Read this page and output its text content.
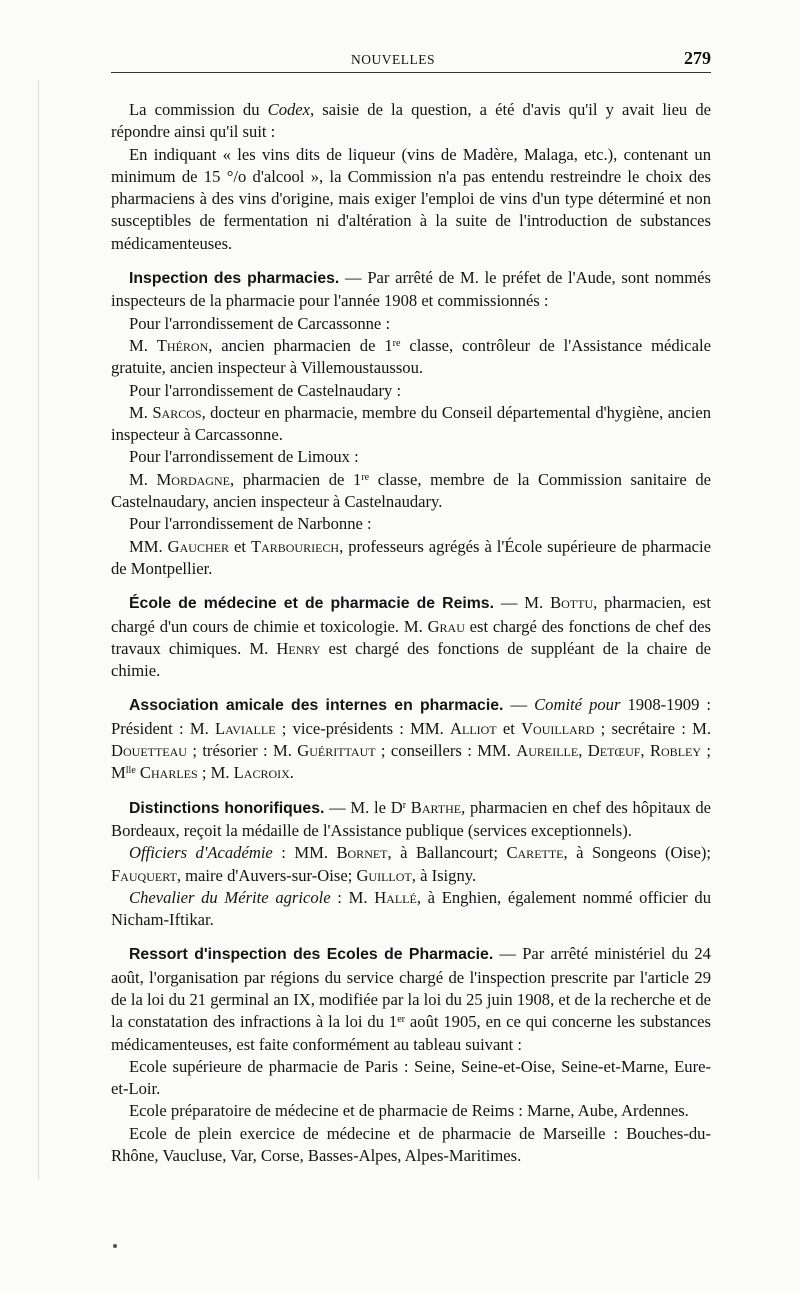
NOUVELLES	279

La commission du Codex, saisie de la question, a été d'avis qu'il y avait lieu de répondre ainsi qu'il suit :

En indiquant « les vins dits de liqueur (vins de Madère, Malaga, etc.), contenant un minimum de 15 °/o d'alcool », la Commission n'a pas entendu restreindre le choix des pharmaciens à des vins d'origine, mais exiger l'emploi de vins d'un type déterminé et non susceptibles de fermentation ni d'altération à la suite de l'introduction de substances médicamenteuses.

Inspection des pharmacies. — Par arrêté de M. le préfet de l'Aude, sont nommés inspecteurs de la pharmacie pour l'année 1908 et commissionnés :

Pour l'arrondissement de Carcassonne :

M. Théron, ancien pharmacien de 1re classe, contrôleur de l'Assistance médicale gratuite, ancien inspecteur à Villemoustaussou.

Pour l'arrondissement de Castelnaudary :

M. Sarcos, docteur en pharmacie, membre du Conseil départemental d'hygiène, ancien inspecteur à Carcassonne.

Pour l'arrondissement de Limoux :

M. Mordagne, pharmacien de 1re classe, membre de la Commission sanitaire de Castelnaudary, ancien inspecteur à Castelnaudary.

Pour l'arrondissement de Narbonne :

MM. Gaucher et Tarbouriech, professeurs agrégés à l'École supérieure de pharmacie de Montpellier.

École de médecine et de pharmacie de Reims. — M. Bottu, pharmacien, est chargé d'un cours de chimie et toxicologie. M. Grau est chargé des fonctions de chef des travaux chimiques. M. Henry est chargé des fonctions de suppléant de la chaire de chimie.

Association amicale des internes en pharmacie. — Comité pour 1908-1909 : Président : M. Lavialle ; vice-présidents : MM. Alliot et Vouillard ; secrétaire : M. Douetteau ; trésorier : M. Guérittaut ; conseillers : MM. Aureille, Detœuf, Robley ; $M^{lle}$ Charles ; M. Lacroix.

Distinctions honorifiques. — M. le $D^r$ Barthe, pharmacien en chef des hôpitaux de Bordeaux, reçoit la médaille de l'Assistance publique (services exceptionnels).

Officiers d'Académie : MM. Bornet, à Ballancourt; Carette, à Songeons (Oise); Fauquert, maire d'Auvers-sur-Oise; Guillot, à Isigny.

Chevalier du Mérite agricole : M. Hallé, à Enghien, également nommé officier du Nicham-Iftikar.

Ressort d'inspection des Ecoles de Pharmacie. — Par arrêté ministériel du 24 août, l'organisation par régions du service chargé de l'inspection prescrite par l'article 29 de la loi du 21 germinal an IX, modifiée par la loi du 25 juin 1908, et de la recherche et de la constatation des infractions à la loi du 1er août 1905, en ce qui concerne les substances médicamenteuses, est faite conformément au tableau suivant :

Ecole supérieure de pharmacie de Paris : Seine, Seine-et-Oise, Seine-et-Marne, Eure-et-Loir.

Ecole préparatoire de médecine et de pharmacie de Reims : Marne, Aube, Ardennes.

Ecole de plein exercice de médecine et de pharmacie de Marseille : Bouches-du-Rhône, Vaucluse, Var, Corse, Basses-Alpes, Alpes-Maritimes.
